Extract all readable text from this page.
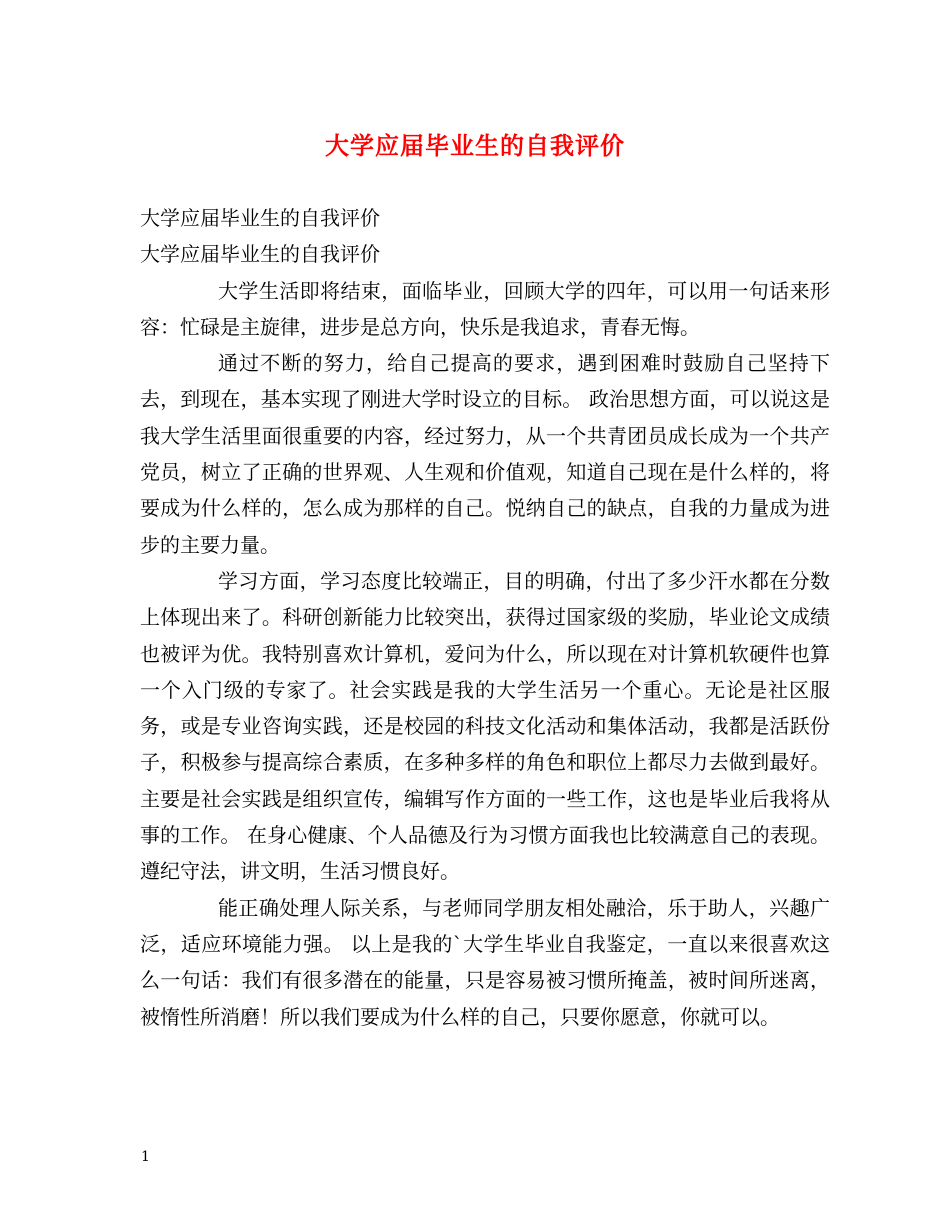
大学应届毕业生的自我评价
大学应届毕业生的自我评价
大学应届毕业生的自我评价

大学生活即将结束，面临毕业，回顾大学的四年，可以用一句话来形容：忙碌是主旋律，进步是总方向，快乐是我追求，青春无悔。

通过不断的努力，给自己提高的要求，遇到困难时鼓励自己坚持下去，到现在，基本实现了刚进大学时设立的目标。 政治思想方面，可以说这是我大学生活里面很重要的内容，经过努力，从一个共青团员成长成为一个共产党员，树立了正确的世界观、人生观和价值观，知道自己现在是什么样的，将要成为什么样的，怎么成为那样的自己。悦纳自己的缺点，自我的力量成为进步的主要力量。

学习方面，学习态度比较端正，目的明确，付出了多少汗水都在分数上体现出来了。科研创新能力比较突出，获得过国家级的奖励，毕业论文成绩也被评为优。我特别喜欢计算机，爱问为什么，所以现在对计算机软硬件也算一个入门级的专家了。社会实践是我的大学生活另一个重心。无论是社区服务，或是专业咨询实践，还是校园的科技文化活动和集体活动，我都是活跃份子，积极参与提高综合素质，在多种多样的角色和职位上都尽力去做到最好。主要是社会实践是组织宣传，编辑写作方面的一些工作，这也是毕业后我将从事的工作。 在身心健康、个人品德及行为习惯方面我也比较满意自己的表现。遵纪守法，讲文明，生活习惯良好。

能正确处理人际关系，与老师同学朋友相处融洽，乐于助人，兴趣广泛，适应环境能力强。 以上是我的`大学生毕业自我鉴定，一直以来很喜欢这么一句话：我们有很多潜在的能量，只是容易被习惯所掩盖，被时间所迷离，被惰性所消磨！所以我们要成为什么样的自己，只要你愿意，你就可以。

1
